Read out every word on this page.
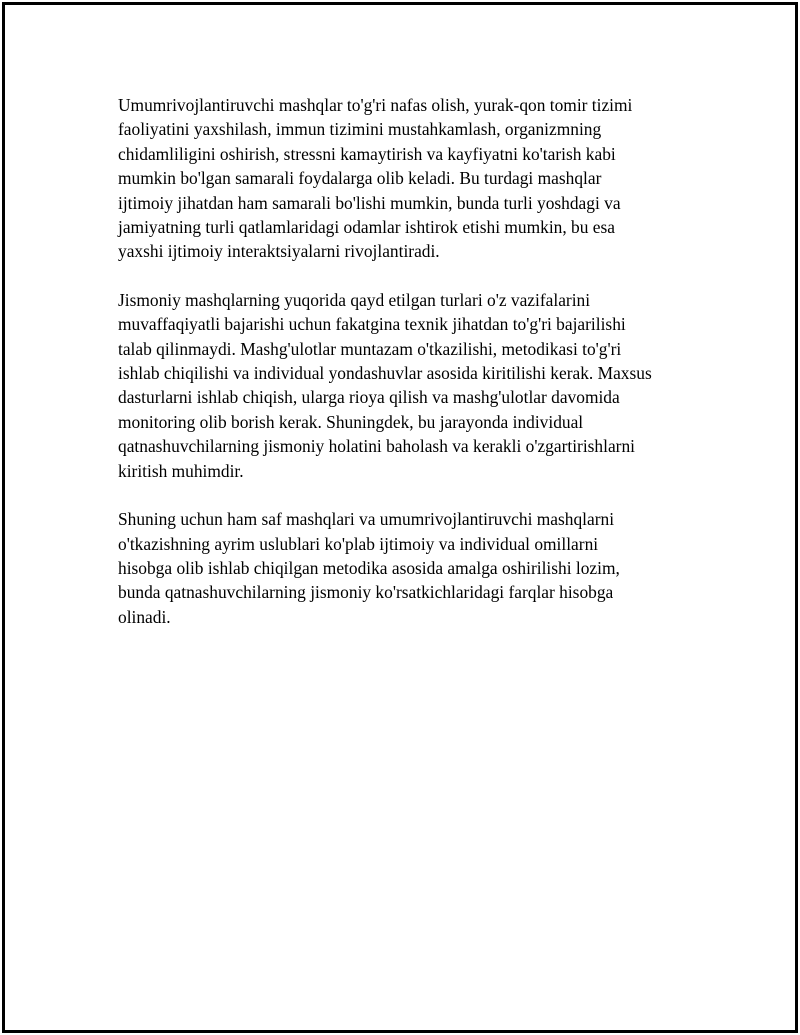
Umumrivojlantiruvchi mashqlar to'g'ri nafas olish, yurak-qon tomir tizimi
faoliyatini yaxshilash, immun tizimini mustahkamlash, organizmning
chidamliligini oshirish, stressni kamaytirish va kayfiyatni ko'tarish kabi
mumkin bo'lgan samarali foydalarga olib keladi. Bu turdagi mashqlar
ijtimoiy jihatdan ham samarali bo'lishi mumkin, bunda turli yoshdagi va
jamiyatning turli qatlamlaridagi odamlar ishtirok etishi mumkin, bu esa
yaxshi ijtimoiy interaktsiyalarni rivojlantiradi.

Jismoniy mashqlarning yuqorida qayd etilgan turlari o'z vazifalarini
muvaffaqiyatli bajarishi uchun fakatgina texnik jihatdan to'g'ri bajarilishi
talab qilinmaydi. Mashg'ulotlar muntazam o'tkazilishi, metodikasi to'g'ri
ishlab chiqilishi va individual yondashuvlar asosida kiritilishi kerak. Maxsus
dasturlarni ishlab chiqish, ularga rioya qilish va mashg'ulotlar davomida
monitoring olib borish kerak. Shuningdek, bu jarayonda individual
qatnashuvchilarning jismoniy holatini baholash va kerakli o'zgartirishlarni
kiritish muhimdir.

Shuning uchun ham saf mashqlari va umumrivojlantiruvchi mashqlarni
o'tkazishning ayrim uslublari ko'plab ijtimoiy va individual omillarni
hisobga olib ishlab chiqilgan metodika asosida amalga oshirilishi lozim,
bunda qatnashuvchilarning jismoniy ko'rsatkichlaridagi farqlar hisobga
olinadi.
